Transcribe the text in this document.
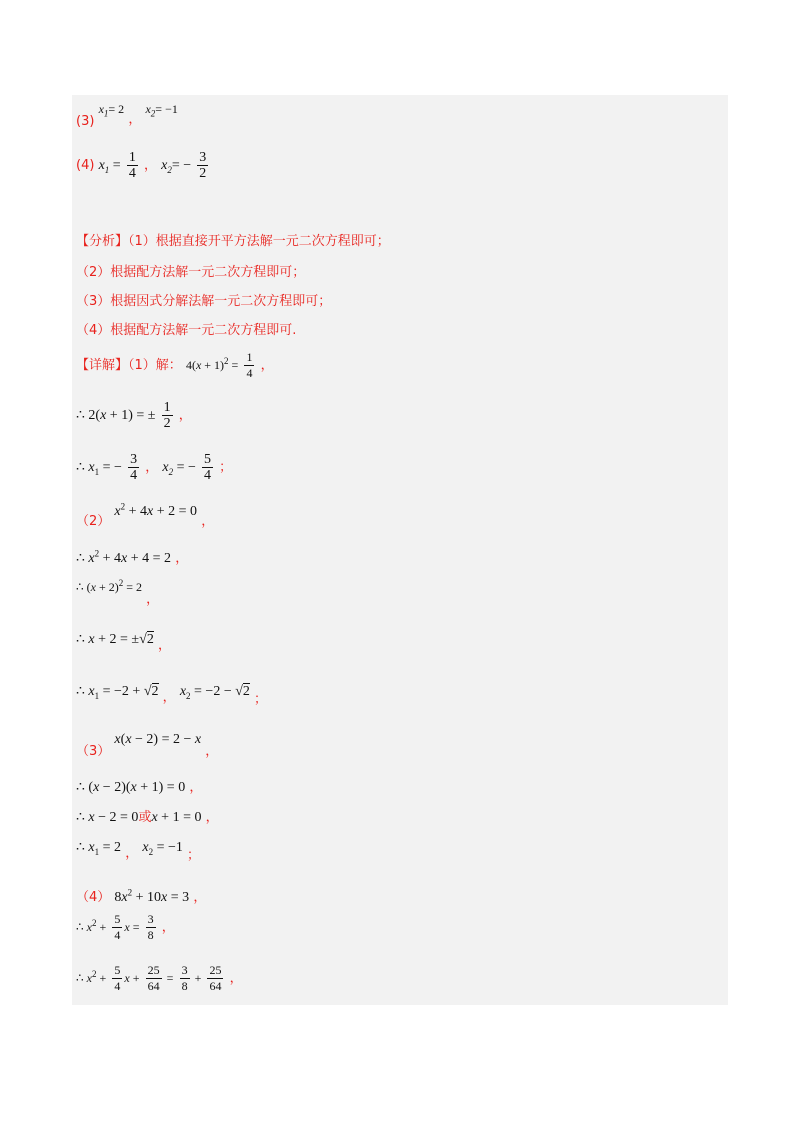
(3) $x_1= 2$ ， $x_2= -1$
(4) $x_1 = \frac{1}{4}$ ， $x_2= - \frac{3}{2}$
【分析】（1）根据直接开平方法解一元二次方程即可；
（2）根据配方法解一元二次方程即可；
（3）根据因式分解法解一元二次方程即可；
（4）根据配方法解一元二次方程即可.
【详解】（1）解： $4(x + 1)^2 = \frac{1}{4}$ ，
∴ 2(x + 1) = ± $\frac{1}{2}$ ，
∴ $x_1$ = − $\frac{3}{4}$ ， $x_2$ = − $\frac{5}{4}$ ；
（2） $x^2 + 4x + 2 = 0$ ，
∴ $x^2 + 4x + 4 = 2$ ，
∴ $(x + 2)^2 = 2$ ，
∴ x + 2 = ±√2 ，
∴ $x_1 = -2 + √2$ ， $x_2 = -2 - √2$ ；
（3） x(x − 2) = 2 − x ，
∴ (x − 2)(x + 1) = 0 ，
∴ x − 2 = 0或x + 1 = 0 ，
∴ $x_1 = 2$ ， $x_2 = -1$ ；
（4） $8x^2 + 10x = 3$ ，
∴ $x^2 + \frac{5}{4}$ $x = \frac{3}{8}$ ，
∴ $x^2 + \frac{5}{4}$ $x + \frac{25}{64} = \frac{3}{8} + \frac{25}{64}$ ，
